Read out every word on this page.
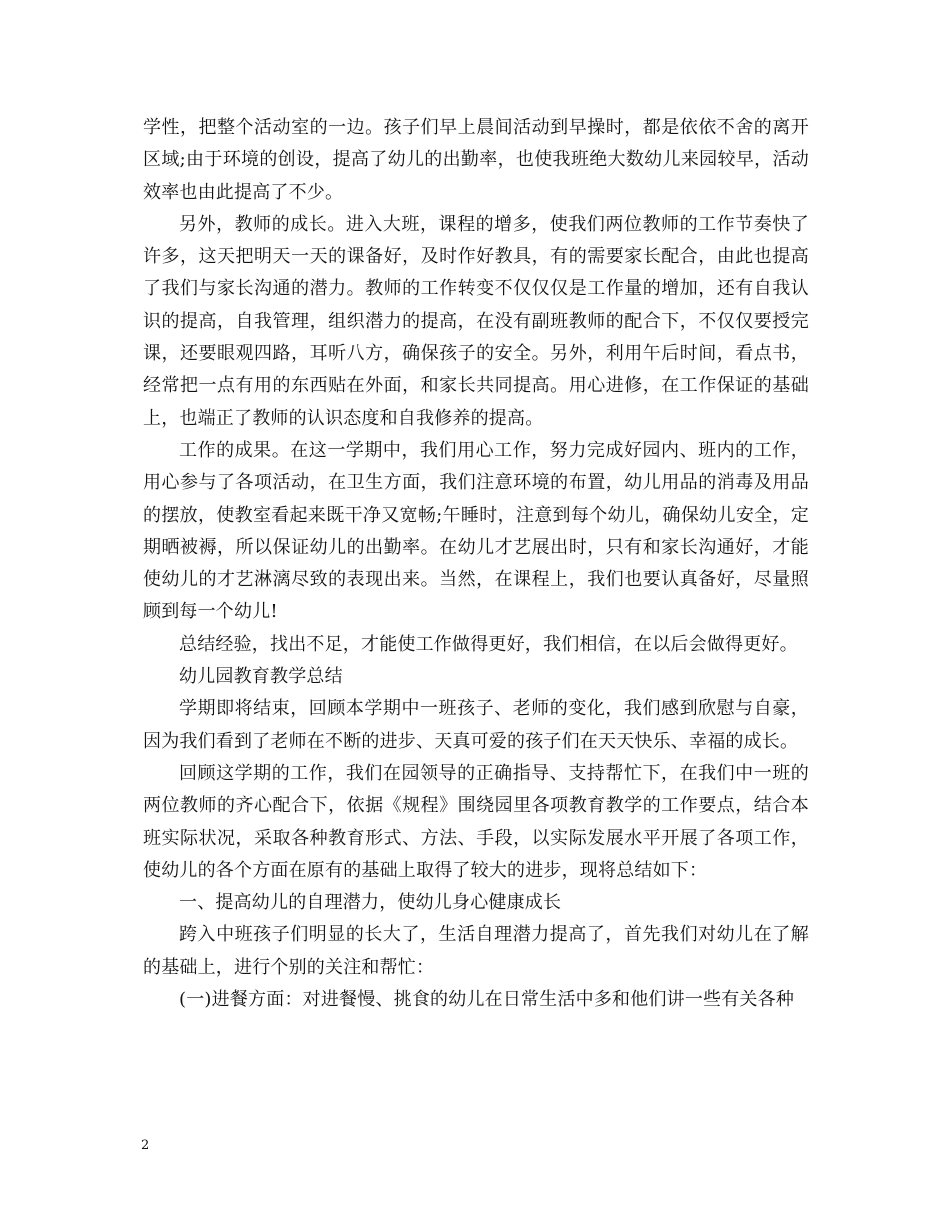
学性，把整个活动室的一边。孩子们早上晨间活动到早操时，都是依依不舍的离开区域;由于环境的创设，提高了幼儿的出勤率，也使我班绝大数幼儿来园较早，活动效率也由此提高了不少。

另外，教师的成长。进入大班，课程的增多，使我们两位教师的工作节奏快了许多，这天把明天一天的课备好，及时作好教具，有的需要家长配合，由此也提高了我们与家长沟通的潜力。教师的工作转变不仅仅仅是工作量的增加，还有自我认识的提高，自我管理，组织潜力的提高，在没有副班教师的配合下，不仅仅要授完课，还要眼观四路，耳听八方，确保孩子的安全。另外，利用午后时间，看点书，经常把一点有用的东西贴在外面，和家长共同提高。用心进修，在工作保证的基础上，也端正了教师的认识态度和自我修养的提高。

工作的成果。在这一学期中，我们用心工作，努力完成好园内、班内的工作，用心参与了各项活动，在卫生方面，我们注意环境的布置，幼儿用品的消毒及用品的摆放，使教室看起来既干净又宽畅;午睡时，注意到每个幼儿，确保幼儿安全，定期晒被褥，所以保证幼儿的出勤率。在幼儿才艺展出时，只有和家长沟通好，才能使幼儿的才艺淋漓尽致的表现出来。当然，在课程上，我们也要认真备好，尽量照顾到每一个幼儿!

总结经验，找出不足，才能使工作做得更好，我们相信，在以后会做得更好。

幼儿园教育教学总结

学期即将结束，回顾本学期中一班孩子、老师的变化，我们感到欣慰与自豪，因为我们看到了老师在不断的进步、天真可爱的孩子们在天天快乐、幸福的成长。

回顾这学期的工作，我们在园领导的正确指导、支持帮忙下，在我们中一班的两位教师的齐心配合下，依据《规程》围绕园里各项教育教学的工作要点，结合本班实际状况，采取各种教育形式、方法、手段，以实际发展水平开展了各项工作，使幼儿的各个方面在原有的基础上取得了较大的进步，现将总结如下：

一、提高幼儿的自理潜力，使幼儿身心健康成长

跨入中班孩子们明显的长大了，生活自理潜力提高了，首先我们对幼儿在了解的基础上，进行个别的关注和帮忙：

(一)进餐方面：对进餐慢、挑食的幼儿在日常生活中多和他们讲一些有关各种

2
